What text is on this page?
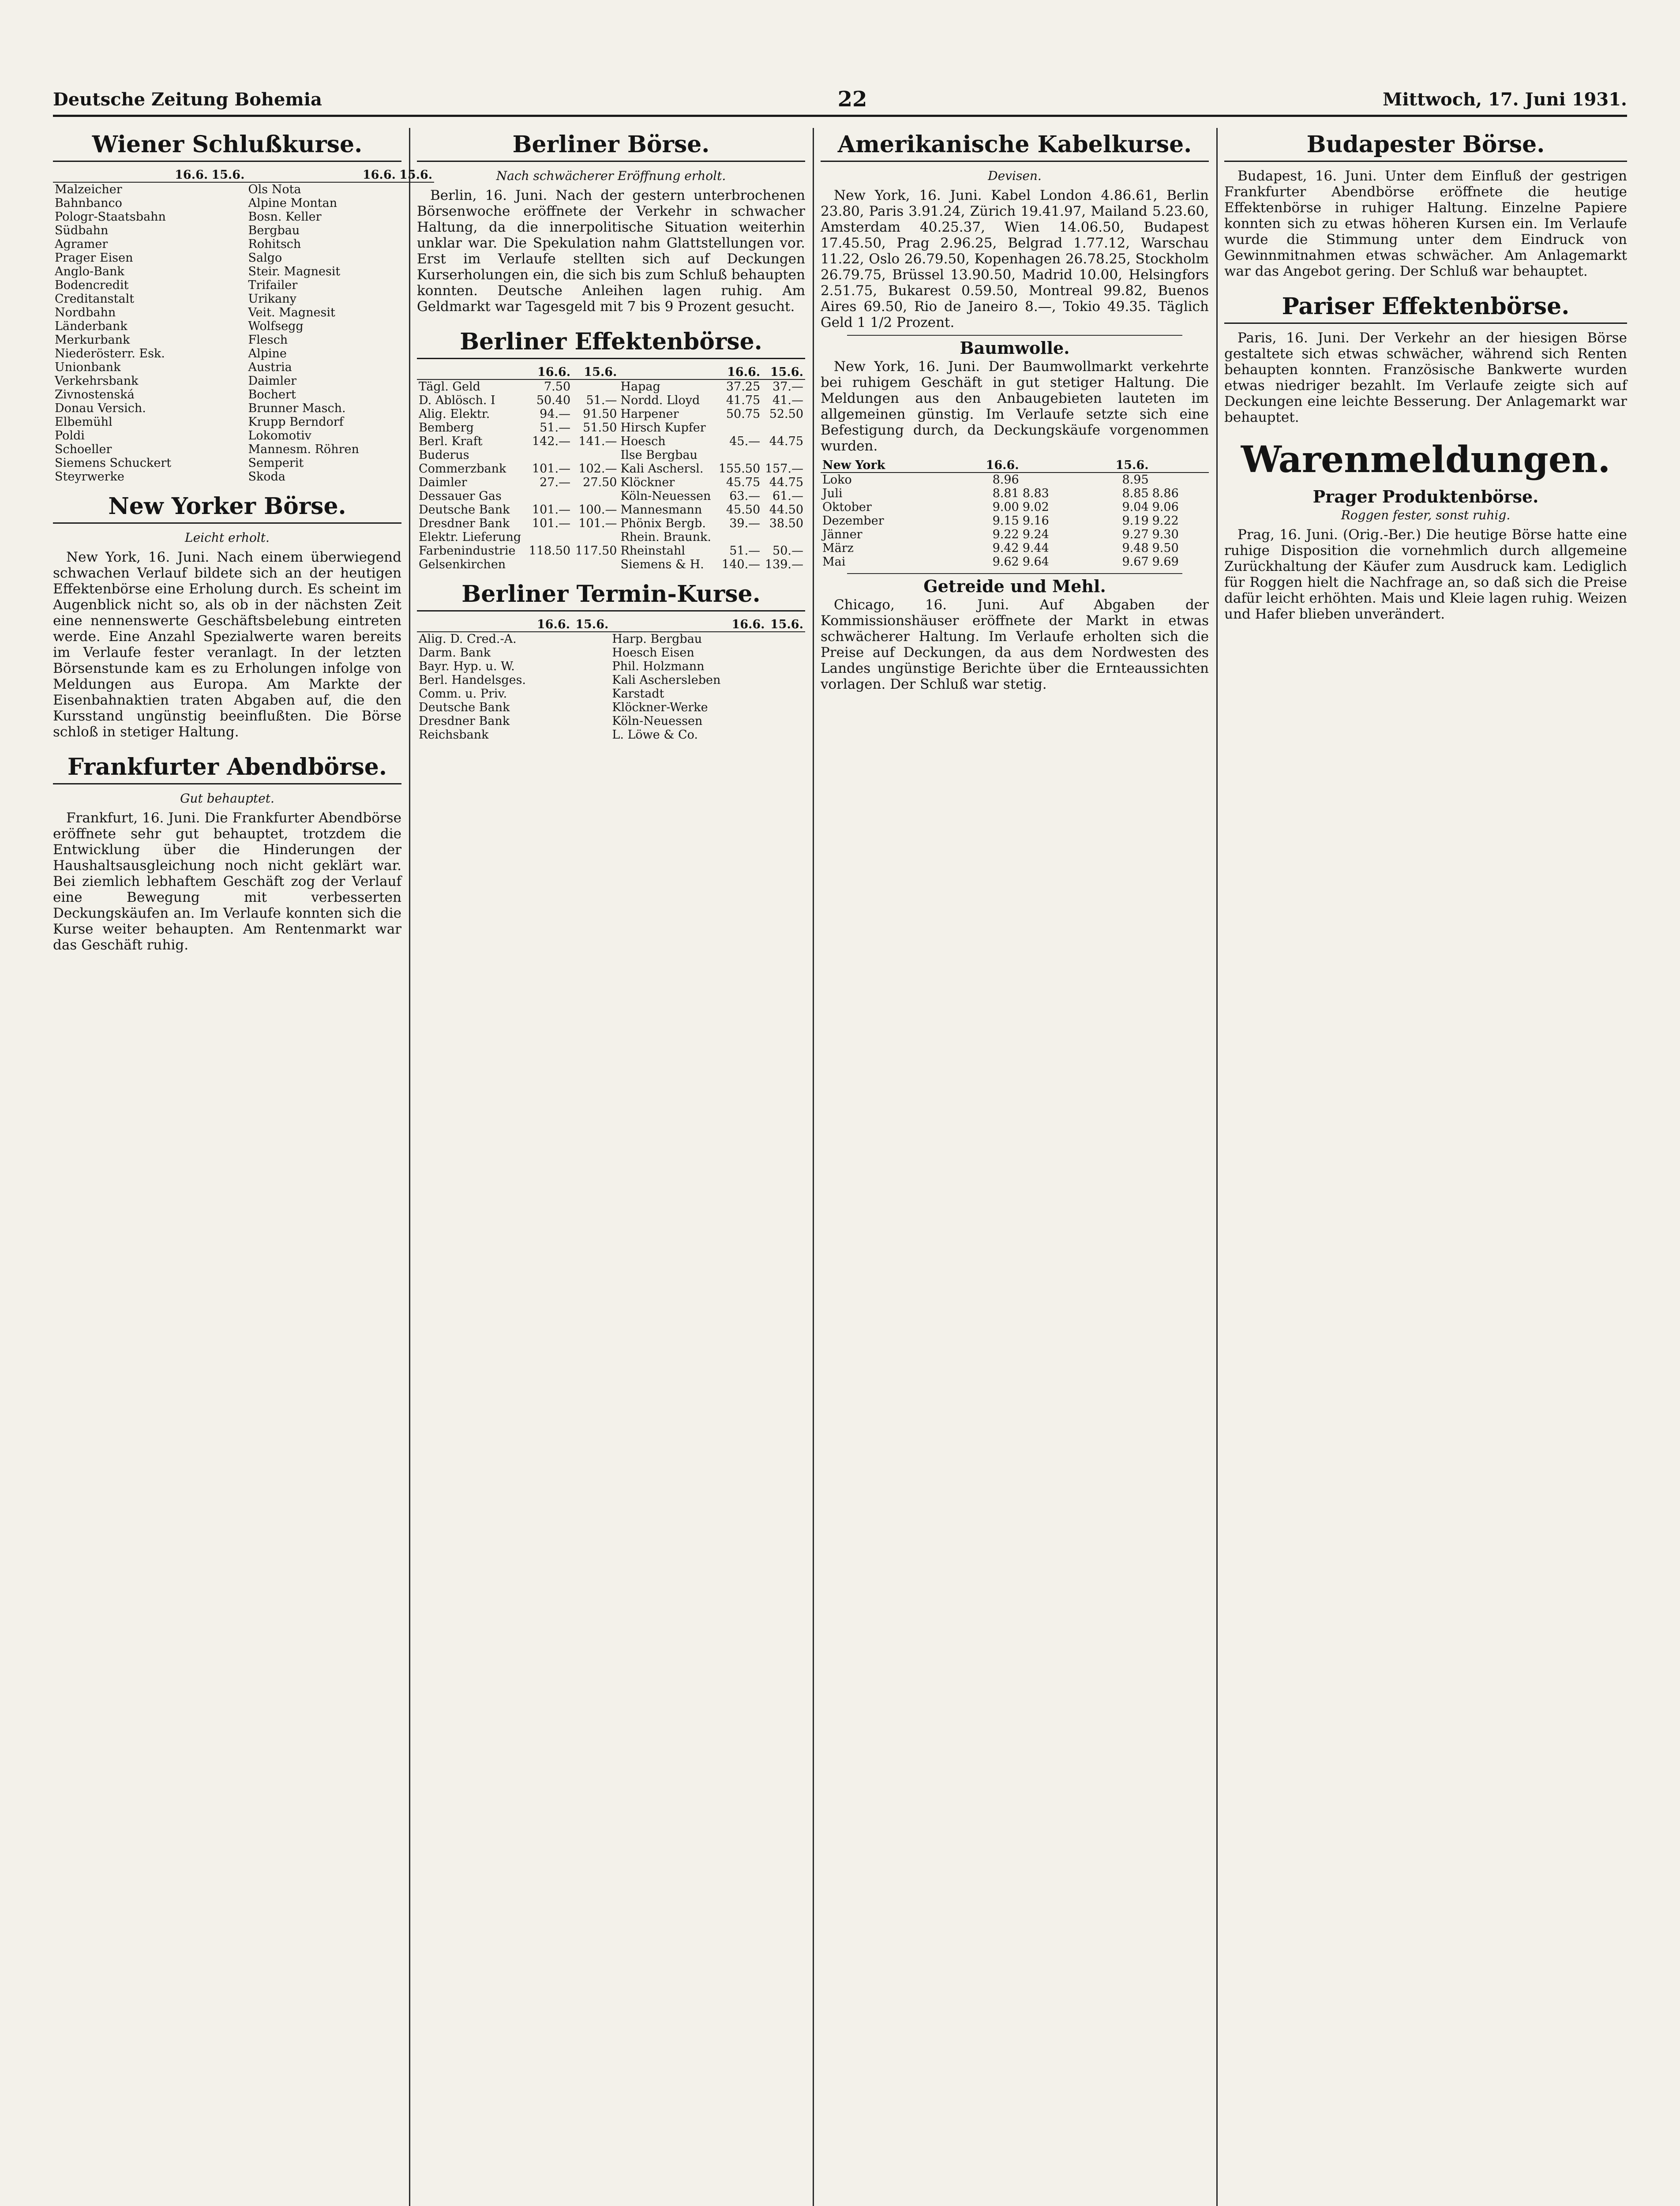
Deutsche Zeitung Bohemia	22	Mittwoch, 17. Juni 1931.
Wiener Schlußkurse.
	16.6.	15.6.		16.6.	15.6.
Malzeicher			Ols Nota		
Bahnbanco			Alpine Montan		
Pologr-Staatsbahn			Bosn. Keller		
Südbahn			Bergbau		
Agramer			Rohitsch		
Prager Eisen			Salgo		
Anglo-Bank			Steir. Magnesit		
Bodencredit			Trifailer		
Creditanstalt			Urikany		
Nordbahn			Veit. Magnesit		
Länderbank			Wolfsegg		
Merkurbank			Flesch		
Niederösterr. Esk.			Alpine		
Unionbank			Austria		
Verkehrsbank			Daimler		
Zivnostenská			Bochert		
Donau Versich.			Brunner Masch.		
Elbemühl			Krupp Berndorf		
Poldi			Lokomotiv		
Schoeller			Mannesm. Röhren		
Siemens Schuckert			Semperit		
Steyrwerke			Skoda		
New Yorker Börse.
Leicht erholt.

New York, 16. Juni. Nach einem überwiegend schwachen Verlauf bildete sich an der heutigen Effektenbörse eine Erholung durch. Es scheint im Augenblick nicht so, als ob in der nächsten Zeit eine nennenswerte Geschäftsbelebung eintreten werde. Eine Anzahl Spezialwerte waren bereits im Verlaufe fester veranlagt. In der letzten Börsenstunde kam es zu Erholungen infolge von Meldungen aus Europa. Am Markte der Eisenbahnaktien traten Abgaben auf, die den Kursstand ungünstig beeinflußten. Die Börse schloß in stetiger Haltung.

Frankfurter Abendbörse.
Gut behauptet.

Frankfurt, 16. Juni. Die Frankfurter Abendbörse eröffnete sehr gut behauptet, trotzdem die Entwicklung über die Hinderungen der Haushaltsausgleichung noch nicht geklärt war. Bei ziemlich lebhaftem Geschäft zog der Verlauf eine Bewegung mit verbesserten Deckungskäufen an. Im Verlaufe konnten sich die Kurse weiter behaupten. Am Rentenmarkt war das Geschäft ruhig.

Berliner Börse.
Nach schwächerer Eröffnung erholt.

Berlin, 16. Juni. Nach der gestern unterbrochenen Börsenwoche eröffnete der Verkehr in schwacher Haltung, da die innerpolitische Situation weiterhin unklar war. Die Spekulation nahm Glattstellungen vor. Erst im Verlaufe stellten sich auf Deckungen Kurserholungen ein, die sich bis zum Schluß behaupten konnten. Deutsche Anleihen lagen ruhig. Am Geldmarkt war Tagesgeld mit 7 bis 9 Prozent gesucht.

Berliner Effektenbörse.
	16.6.	15.6.		16.6.	15.6.
Tägl. Geld	7.50		Hapag	37.25	37.—
D. Ablösch. I	50.40	51.—	Nordd. Lloyd	41.75	41.—
Alig. Elektr.	94.—	91.50	Harpener	50.75	52.50
Bemberg	51.—	51.50	Hirsch Kupfer		
Berl. Kraft	142.—	141.—	Hoesch	45.—	44.75
Buderus			Ilse Bergbau		
Commerzbank	101.—	102.—	Kali Aschersl.	155.50	157.—
Daimler	27.—	27.50	Klöckner	45.75	44.75
Dessauer Gas			Köln-Neuessen	63.—	61.—
Deutsche Bank	101.—	100.—	Mannesmann	45.50	44.50
Dresdner Bank	101.—	101.—	Phönix Bergb.	39.—	38.50
Elektr. Lieferung			Rhein. Braunk.		
Farbenindustrie	118.50	117.50	Rheinstahl	51.—	50.—
Gelsenkirchen			Siemens & H.	140.—	139.—
Berliner Termin-Kurse.
	16.6.	15.6.		16.6.	15.6.
Alig. D. Cred.-A.			Harp. Bergbau		
Darm. Bank			Hoesch Eisen		
Bayr. Hyp. u. W.			Phil. Holzmann		
Berl. Handelsges.			Kali Aschersleben		
Comm. u. Priv.			Karstadt		
Deutsche Bank			Klöckner-Werke		
Dresdner Bank			Köln-Neuessen		
Reichsbank			L. Löwe & Co.		
Amerikanische Kabelkurse.
Devisen.

New York, 16. Juni. Kabel London 4.86.61, Berlin 23.80, Paris 3.91.24, Zürich 19.41.97, Mailand 5.23.60, Amsterdam 40.25.37, Wien 14.06.50, Budapest 17.45.50, Prag 2.96.25, Belgrad 1.77.12, Warschau 11.22, Oslo 26.79.50, Kopenhagen 26.78.25, Stockholm 26.79.75, Brüssel 13.90.50, Madrid 10.00, Helsingfors 2.51.75, Bukarest 0.59.50, Montreal 99.82, Buenos Aires 69.50, Rio de Janeiro 8.—, Tokio 49.35. Täglich Geld 1 1/2 Prozent.

Baumwolle.

New York, 16. Juni. Der Baumwollmarkt verkehrte bei ruhigem Geschäft in gut stetiger Haltung. Die Meldungen aus den Anbaugebieten lauteten im allgemeinen günstig. Im Verlaufe setzte sich eine Befestigung durch, da Deckungskäufe vorgenommen wurden.

New York	16.6.		15.6.	
Loko	8.96		8.95	
Juli	8.81	8.83	8.85	8.86
Oktober	9.00	9.02	9.04	9.06
Dezember	9.15	9.16	9.19	9.22
Jänner	9.22	9.24	9.27	9.30
März	9.42	9.44	9.48	9.50
Mai	9.62	9.64	9.67	9.69
Getreide und Mehl.

Chicago, 16. Juni. Auf Abgaben der Kommissionshäuser eröffnete der Markt in etwas schwächerer Haltung. Im Verlaufe erholten sich die Preise auf Deckungen, da aus dem Nordwesten des Landes ungünstige Berichte über die Ernteaussichten vorlagen. Der Schluß war stetig.

Budapester Börse.

Budapest, 16. Juni. Unter dem Einfluß der gestrigen Frankfurter Abendbörse eröffnete die heutige Effektenbörse in ruhiger Haltung. Einzelne Papiere konnten sich zu etwas höheren Kursen ein. Im Verlaufe wurde die Stimmung unter dem Eindruck von Gewinnmitnahmen etwas schwächer. Am Anlagemarkt war das Angebot gering. Der Schluß war behauptet.

Pariser Effektenbörse.

Paris, 16. Juni. Der Verkehr an der hiesigen Börse gestaltete sich etwas schwächer, während sich Renten behaupten konnten. Französische Bankwerte wurden etwas niedriger bezahlt. Im Verlaufe zeigte sich auf Deckungen eine leichte Besserung. Der Anlagemarkt war behauptet.

Warenmeldungen.
Prager Produktenbörse.
Roggen fester, sonst ruhig.

Prag, 16. Juni. (Orig.-Ber.) Die heutige Börse hatte eine ruhige Disposition die vornehmlich durch allgemeine Zurückhaltung der Käufer zum Ausdruck kam. Lediglich für Roggen hielt die Nachfrage an, so daß sich die Preise dafür leicht erhöhten. Mais und Kleie lagen ruhig. Weizen und Hafer blieben unverändert.
